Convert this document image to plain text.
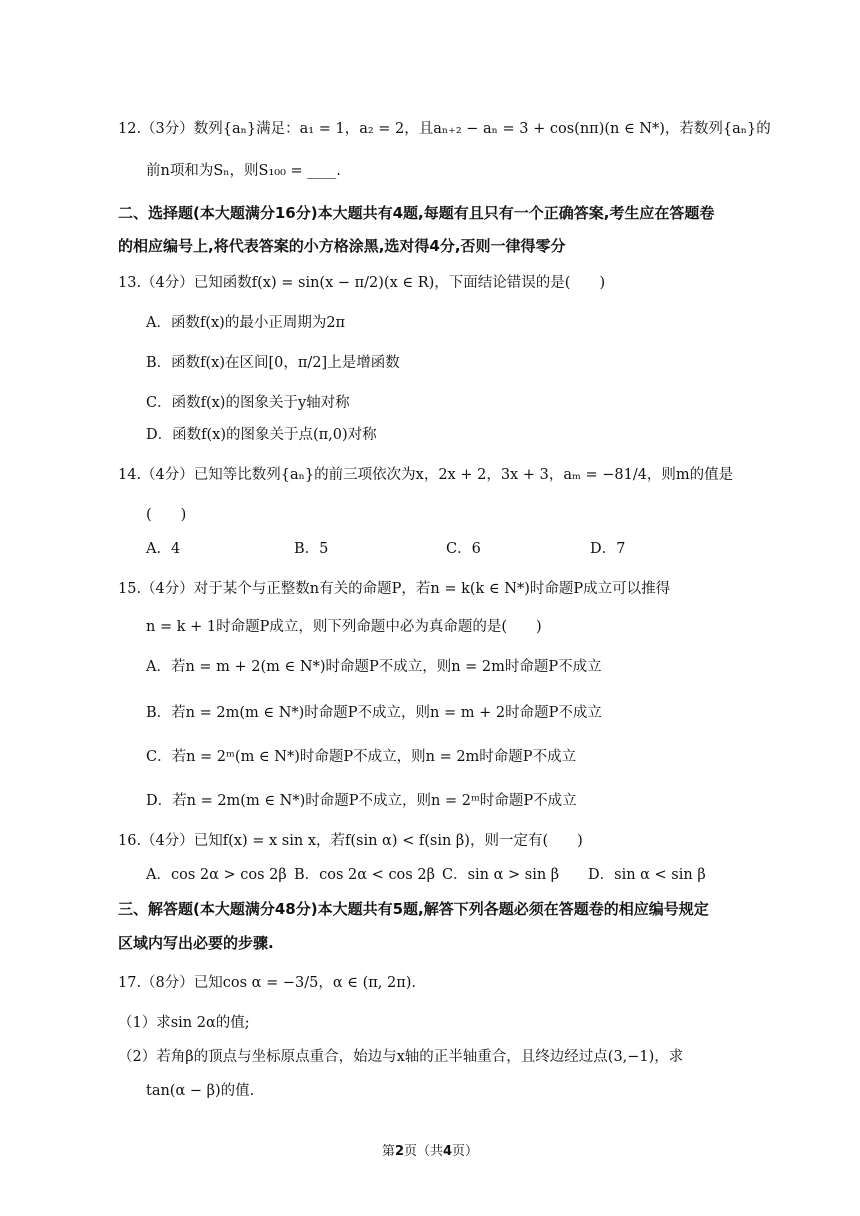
12.（3分）数列{aₙ}满足：a₁ = 1，a₂ = 2，且aₙ₊₂ − aₙ = 3 + cos(nπ)(n ∈ N*)，若数列{aₙ}的
前n项和为Sₙ，则S₁₀₀ = ____.
二、选择题(本大题满分16分)本大题共有4题,每题有且只有一个正确答案,考生应在答题卷
的相应编号上,将代表答案的小方格涂黑,选对得4分,否则一律得零分
13.（4分）已知函数f(x) = sin(x − π/2)(x ∈ R)，下面结论错误的是(　　)
A．函数f(x)的最小正周期为2π
B．函数f(x)在区间[0，π/2]上是增函数
C．函数f(x)的图象关于y轴对称
D．函数f(x)的图象关于点(π,0)对称
14.（4分）已知等比数列{aₙ}的前三项依次为x，2x + 2，3x + 3，aₘ = −81/4，则m的值是
(　　)
A．4	B．5	C．6	D．7
15.（4分）对于某个与正整数n有关的命题P，若n = k(k ∈ N*)时命题P成立可以推得
n = k + 1时命题P成立，则下列命题中必为真命题的是(　　)
A．若n = m + 2(m ∈ N*)时命题P不成立，则n = 2m时命题P不成立
B．若n = 2m(m ∈ N*)时命题P不成立，则n = m + 2时命题P不成立
C．若n = 2ᵐ(m ∈ N*)时命题P不成立，则n = 2m时命题P不成立
D．若n = 2m(m ∈ N*)时命题P不成立，则n = 2ᵐ时命题P不成立
16.（4分）已知f(x) = x sin x，若f(sin α) < f(sin β)，则一定有(　　)
A．cos 2α > cos 2β B．cos 2α < cos 2β C．sin α > sin β	D．sin α < sin β
三、解答题(本大题满分48分)本大题共有5题,解答下列各题必须在答题卷的相应编号规定
区域内写出必要的步骤.
17.（8分）已知cos α = −3/5，α ∈ (π, 2π).
（1）求sin 2α的值;
（2）若角β的顶点与坐标原点重合，始边与x轴的正半轴重合，且终边经过点(3,−1)，求
tan(α − β)的值.
第2页（共4页）
